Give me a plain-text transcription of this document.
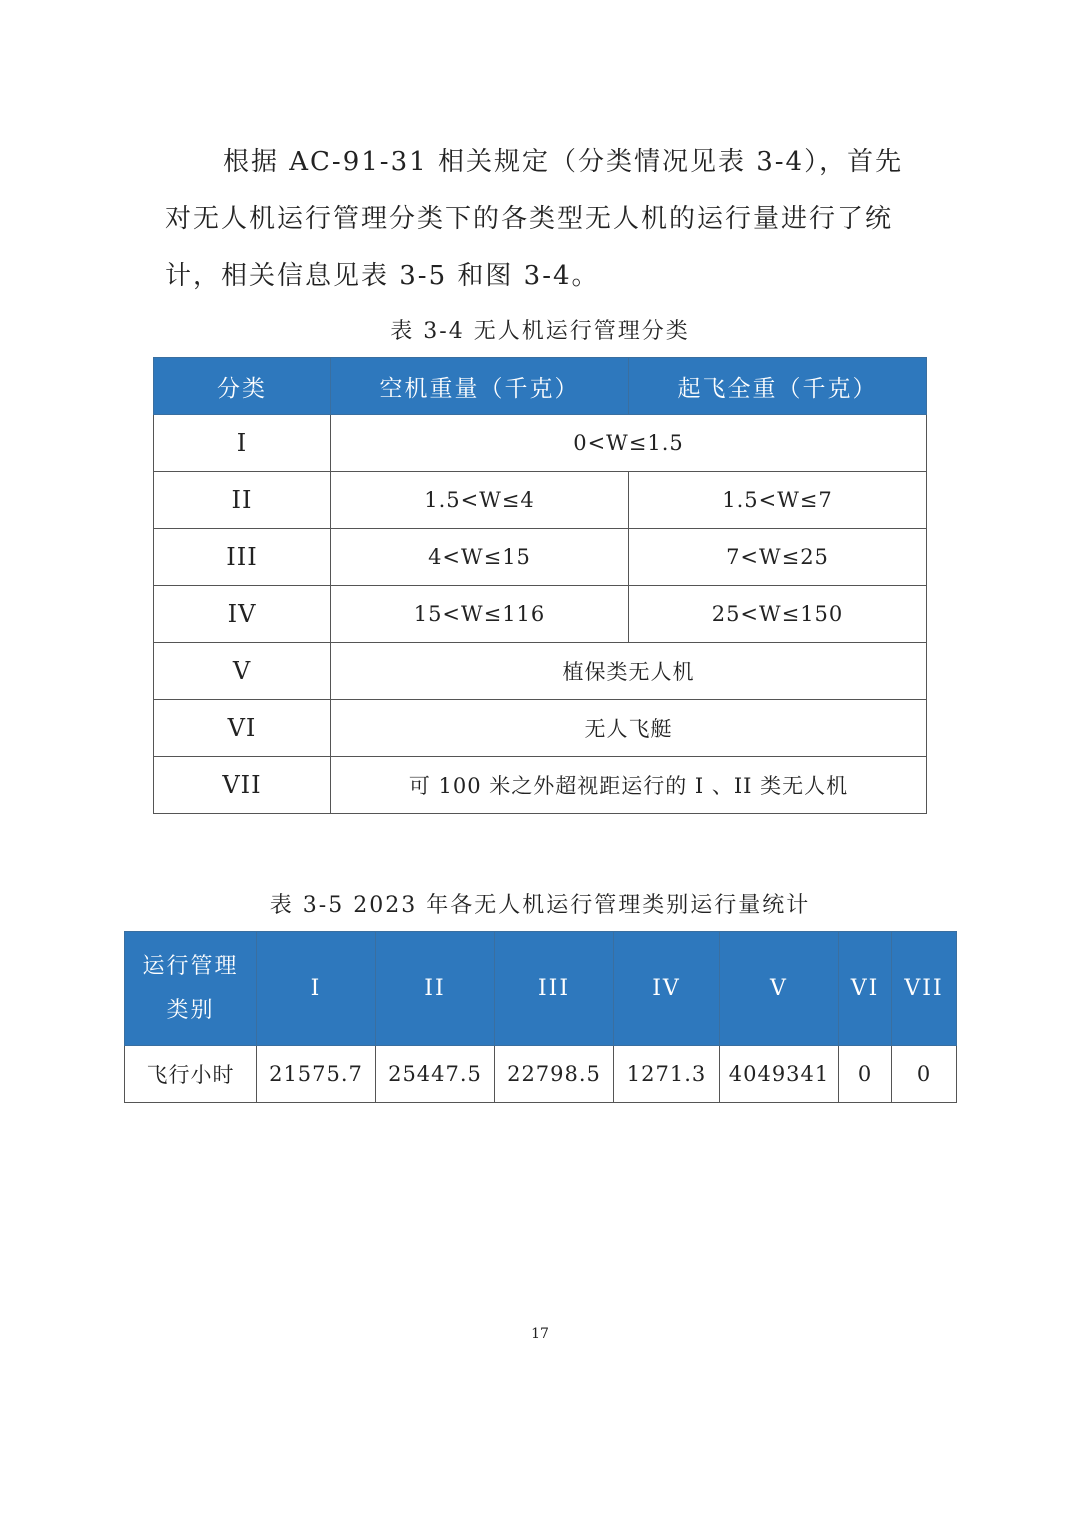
根据 AC-91-31 相关规定（分类情况见表 3-4），首先对无人机运行管理分类下的各类型无人机的运行量进行了统计，相关信息见表 3-5 和图 3-4。

表 3-4 无人机运行管理分类
分类	空机重量（千克）	起飞全重（千克）
I	0<W≤1.5	
II	1.5<W≤4	1.5<W≤7
III	4<W≤15	7<W≤25
IV	15<W≤116	25<W≤150
V	植保类无人机	
VI	无人飞艇	
VII	可 100 米之外超视距运行的 I 、II 类无人机	
表 3-5 2023 年各无人机运行管理类别运行量统计
运行管理
类别	I	II	III	IV	V	VI	VII
飞行小时	21575.7	25447.5	22798.5	1271.3	4049341	0	0
17
